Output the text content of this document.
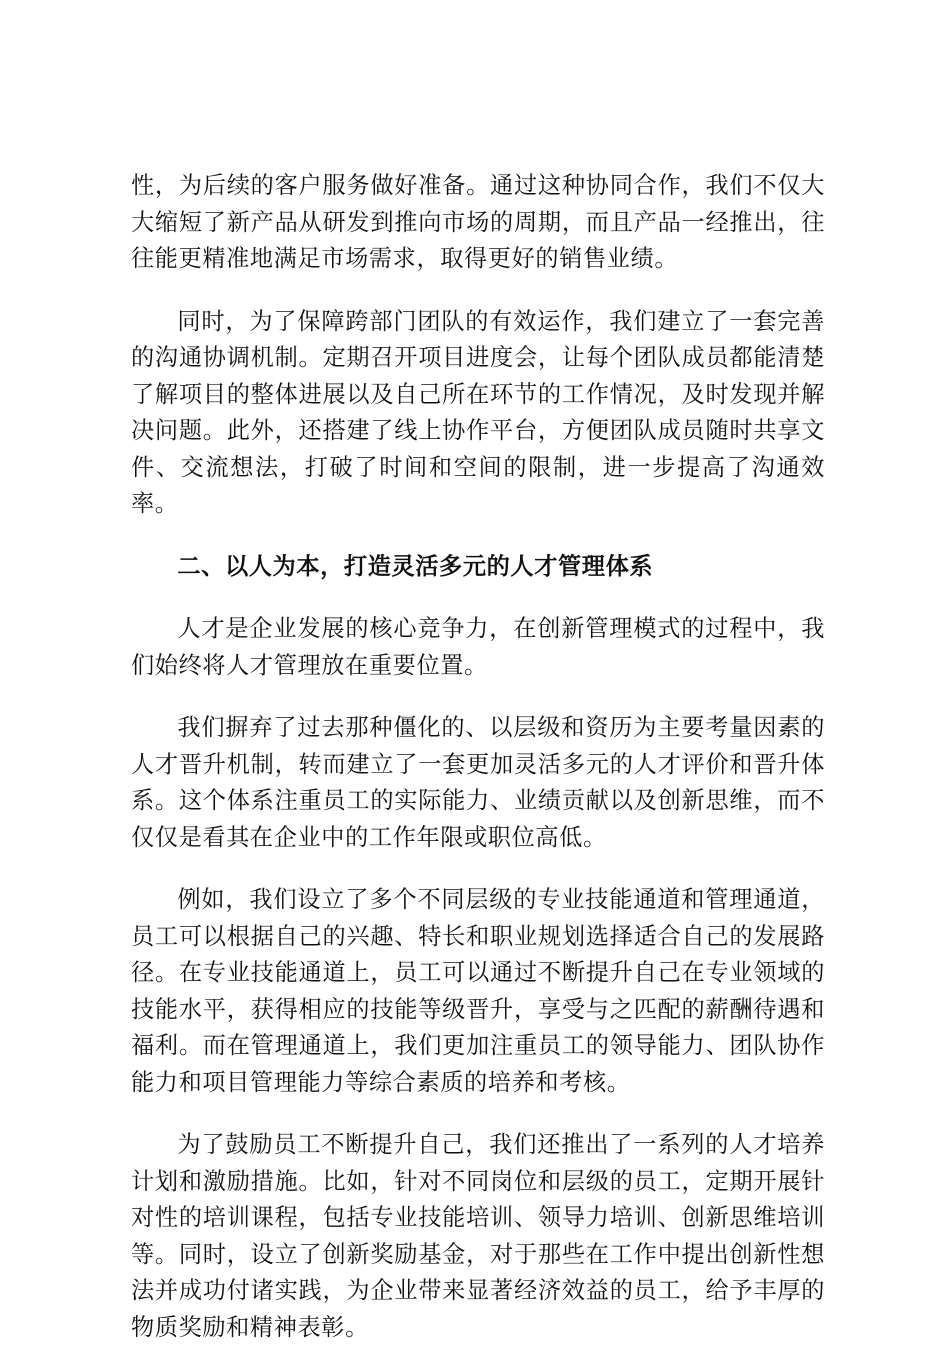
性，为后续的客户服务做好准备。通过这种协同合作，我们不仅大大缩短了新产品从研发到推向市场的周期，而且产品一经推出，往往能更精准地满足市场需求，取得更好的销售业绩。

同时，为了保障跨部门团队的有效运作，我们建立了一套完善的沟通协调机制。定期召开项目进度会，让每个团队成员都能清楚了解项目的整体进展以及自己所在环节的工作情况，及时发现并解决问题。此外，还搭建了线上协作平台，方便团队成员随时共享文件、交流想法，打破了时间和空间的限制，进一步提高了沟通效率。

二、以人为本，打造灵活多元的人才管理体系

人才是企业发展的核心竞争力，在创新管理模式的过程中，我们始终将人才管理放在重要位置。

我们摒弃了过去那种僵化的、以层级和资历为主要考量因素的人才晋升机制，转而建立了一套更加灵活多元的人才评价和晋升体系。这个体系注重员工的实际能力、业绩贡献以及创新思维，而不仅仅是看其在企业中的工作年限或职位高低。

例如，我们设立了多个不同层级的专业技能通道和管理通道，员工可以根据自己的兴趣、特长和职业规划选择适合自己的发展路径。在专业技能通道上，员工可以通过不断提升自己在专业领域的技能水平，获得相应的技能等级晋升，享受与之匹配的薪酬待遇和福利。而在管理通道上，我们更加注重员工的领导能力、团队协作能力和项目管理能力等综合素质的培养和考核。

为了鼓励员工不断提升自己，我们还推出了一系列的人才培养计划和激励措施。比如，针对不同岗位和层级的员工，定期开展针对性的培训课程，包括专业技能培训、领导力培训、创新思维培训等。同时，设立了创新奖励基金，对于那些在工作中提出创新性想法并成功付诸实践，为企业带来显著经济效益的员工，给予丰厚的物质奖励和精神表彰。
